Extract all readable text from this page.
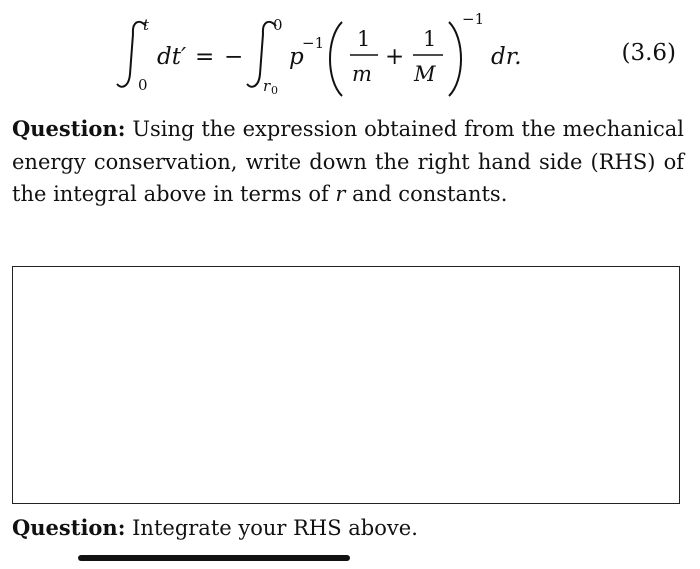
t
0
dt′ = −
0
r 0
p
−1 1
m
+
1
M
−1
dr.	(3.6)
Question: Using the expression obtained from the mechanical energy conservation, write down the right hand side (RHS) of the integral above in terms of r and constants.
Question: Integrate your RHS above.
